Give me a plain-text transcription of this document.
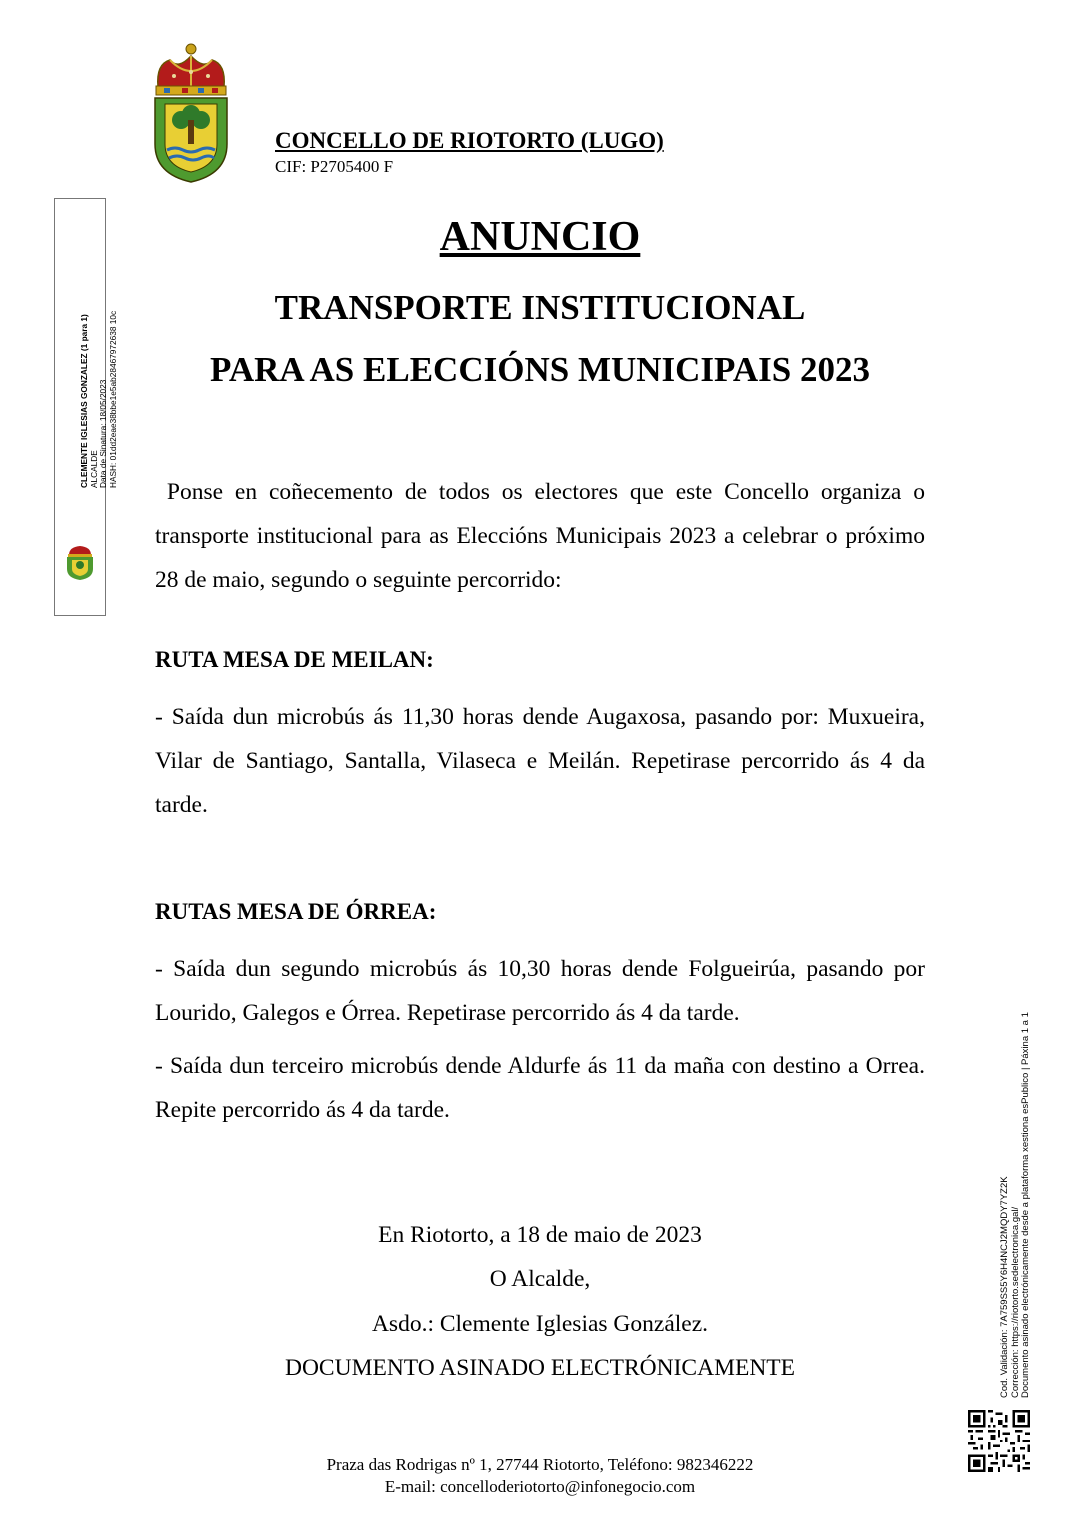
CONCELLO DE RIOTORTO (LUGO)
CIF: P2705400 F
ANUNCIO
TRANSPORTE INSTITUCIONAL
PARA AS ELECCIÓNS MUNICIPAIS 2023
Ponse en coñecemento de todos os electores que este Concello organiza o transporte institucional para as Eleccións Municipais 2023 a celebrar o próximo 28 de maio, segundo o seguinte percorrido:
RUTA MESA DE MEILAN:
- Saída dun microbús ás 11,30 horas dende Augaxosa, pasando por: Muxueira, Vilar de Santiago, Santalla, Vilaseca e Meilán. Repetirase percorrido ás 4 da tarde.
RUTAS MESA DE ÓRREA:
- Saída dun segundo microbús ás 10,30 horas dende Folgueirúa, pasando por Lourido, Galegos e Órrea. Repetirase percorrido ás 4 da tarde.
- Saída dun terceiro microbús dende Aldurfe ás 11 da maña con destino a Orrea. Repite percorrido ás 4 da tarde.
En Riotorto, a 18 de maio de 2023
O Alcalde,
Asdo.: Clemente Iglesias González.
DOCUMENTO ASINADO ELECTRÓNICAMENTE
Praza das Rodrigas nº 1, 27744 Riotorto, Teléfono: 982346222
E-mail: concelloderiotorto@infonegocio.com
CLEMENTE IGLESIAS GONZALEZ (1 para 1) ALCALDE Data de Sinatura: 18/05/2023 HASH: 01dd2eae38bbe1e5ab28467972638 10c
Cod. Validación: 7A759SS5Y6H4NCJ2MQDY7YZ2K Corrección: https://riotorto.sedelectronica.gal/ Documento asinado electrónicamente desde a plataforma xestiona esPublico | Páxina 1 a 1
